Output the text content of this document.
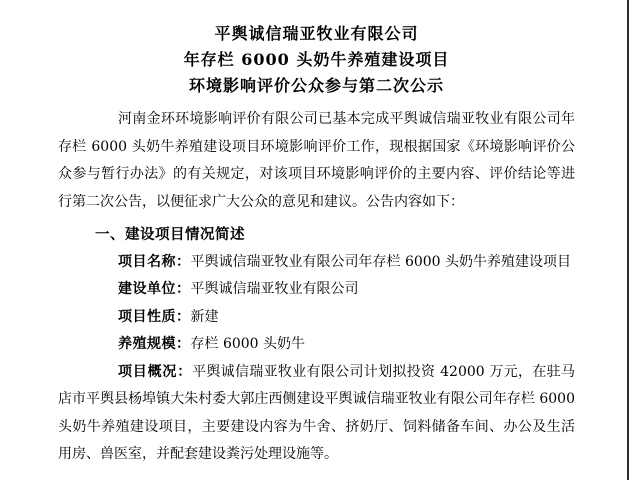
平舆诚信瑞亚牧业有限公司
年存栏 6000 头奶牛养殖建设项目
环境影响评价公众参与第二次公示

河南金环环境影响评价有限公司已基本完成平舆诚信瑞亚牧业有限公司年存栏 6000 头奶牛养殖建设项目环境影响评价工作，现根据国家《环境影响评价公众参与暂行办法》的有关规定，对该项目环境影响评价的主要内容、评价结论等进行第二次公告，以便征求广大公众的意见和建议。公告内容如下：

一、建设项目情况简述

项目名称：平舆诚信瑞亚牧业有限公司年存栏 6000 头奶牛养殖建设项目

建设单位：平舆诚信瑞亚牧业有限公司

项目性质：新建

养殖规模：存栏 6000 头奶牛

项目概况：平舆诚信瑞亚牧业有限公司计划拟投资 42000 万元，在驻马店市平舆县杨埠镇大朱村委大郭庄西侧建设平舆诚信瑞亚牧业有限公司年存栏 6000 头奶牛养殖建设项目，主要建设内容为牛舍、挤奶厅、饲料储备车间、办公及生活用房、兽医室，并配套建设粪污处理设施等。
